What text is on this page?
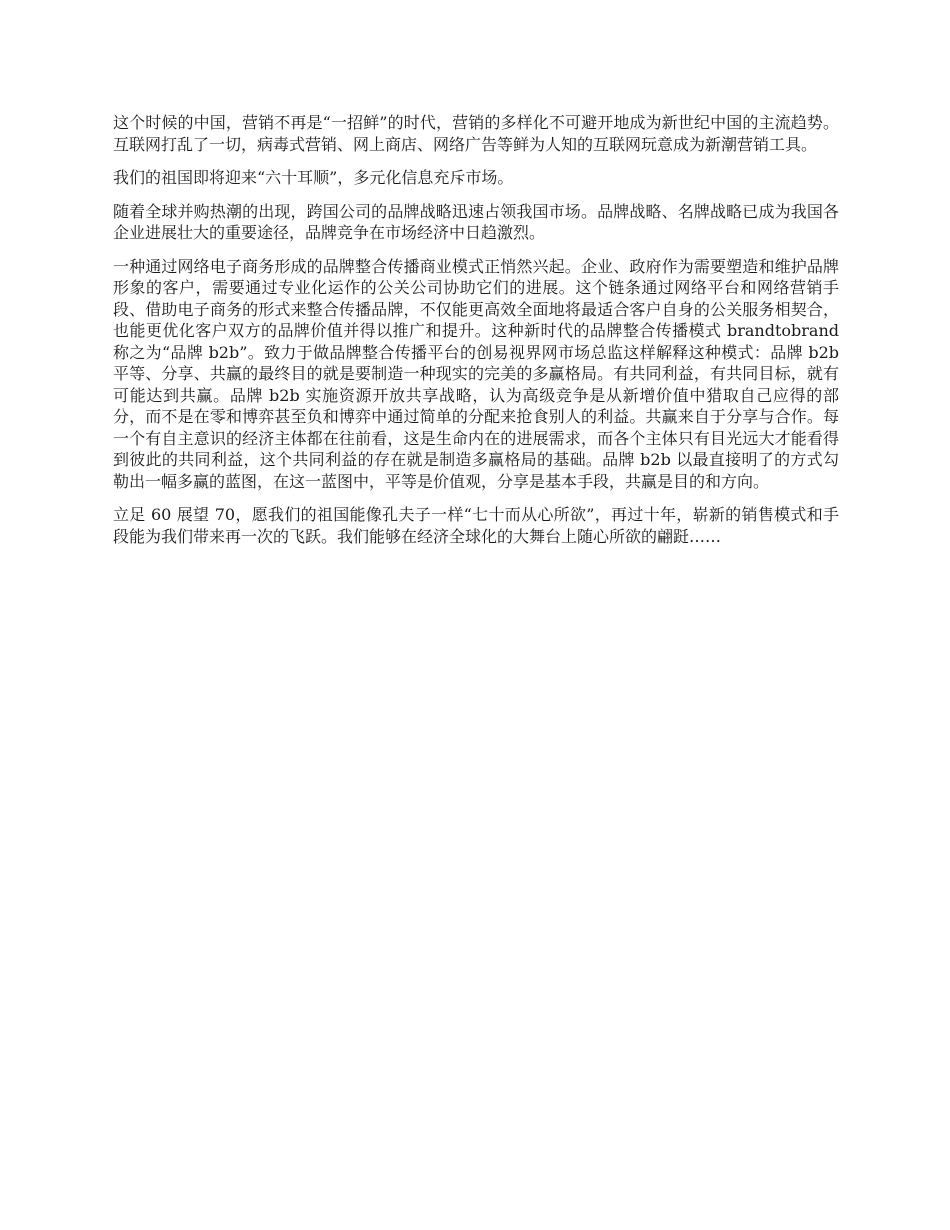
这个时候的中国，营销不再是“一招鲜”的时代，营销的多样化不可避开地成为新世纪中国的主流趋势。互联网打乱了一切，病毒式营销、网上商店、网络广告等鲜为人知的互联网玩意成为新潮营销工具。

我们的祖国即将迎来“六十耳顺”，多元化信息充斥市场。

随着全球并购热潮的出现，跨国公司的品牌战略迅速占领我国市场。品牌战略、名牌战略已成为我国各企业进展壮大的重要途径，品牌竞争在市场经济中日趋激烈。

一种通过网络电子商务形成的品牌整合传播商业模式正悄然兴起。企业、政府作为需要塑造和维护品牌形象的客户，需要通过专业化运作的公关公司协助它们的进展。这个链条通过网络平台和网络营销手段、借助电子商务的形式来整合传播品牌，不仅能更高效全面地将最适合客户自身的公关服务相契合，也能更优化客户双方的品牌价值并得以推广和提升。这种新时代的品牌整合传播模式 brandtobrand 称之为“品牌 b2b”。致力于做品牌整合传播平台的创易视界网市场总监这样解释这种模式：品牌 b2b 平等、分享、共赢的最终目的就是要制造一种现实的完美的多赢格局。有共同利益，有共同目标，就有可能达到共赢。品牌 b2b 实施资源开放共享战略，认为高级竞争是从新增价值中猎取自己应得的部分，而不是在零和博弈甚至负和博弈中通过简单的分配来抢食别人的利益。共赢来自于分享与合作。每一个有自主意识的经济主体都在往前看，这是生命内在的进展需求，而各个主体只有目光远大才能看得到彼此的共同利益，这个共同利益的存在就是制造多赢格局的基础。品牌 b2b 以最直接明了的方式勾勒出一幅多赢的蓝图，在这一蓝图中，平等是价值观，分享是基本手段，共赢是目的和方向。

立足 60 展望 70，愿我们的祖国能像孔夫子一样“七十而从心所欲”，再过十年，崭新的销售模式和手段能为我们带来再一次的飞跃。我们能够在经济全球化的大舞台上随心所欲的翩跹……
